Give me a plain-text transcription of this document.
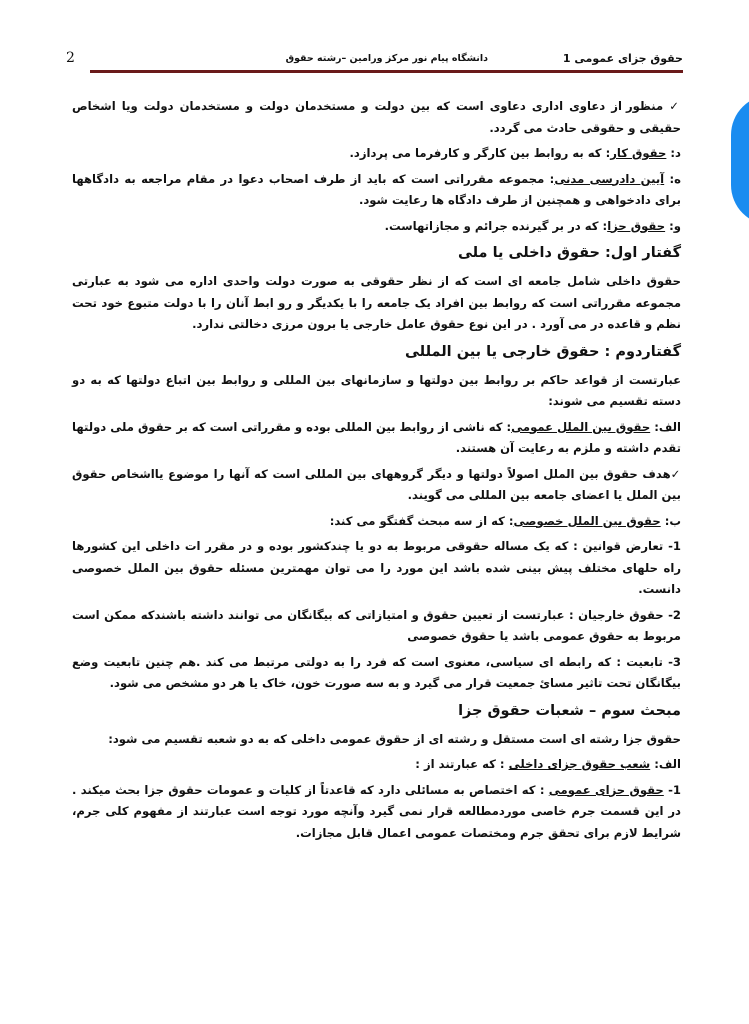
حقوق جزای عمومی 1
دانشگاه پیام نور مرکز ورامین –رشته حقوق
2

✓ منظور از دعاوی اداری دعاوی است که بین دولت و مستخدمان دولت و مستخدمان دولت ویا اشخاص حقیقی و حقوقی حادث می گردد.

د: حقوق کار: که به روابط بین کارگر و کارفرما می پردازد.

ه: آیین دادرسی مدنی: مجموعه مقرراتی است که باید از طرف اصحاب دعوا در مقام مراجعه به دادگاهها برای دادخواهی و همچنین از طرف دادگاه ها رعایت شود.

و: حقوق جزا: که در بر گیرنده جرائم و مجازاتهاست.

گفتار اول: حقوق داخلی یا ملی

حقوق داخلی شامل جامعه ای است که از نظر حقوقی به صورت دولت واحدی اداره می شود به عبارتی مجموعه مقرراتی است که روابط بین افراد یک جامعه را با یکدیگر و رو ابط آنان را با دولت متبوع خود تحت نظم و قاعده در می آورد . در این نوع حقوق عامل خارجی یا برون مرزی دخالتی ندارد.

گفتاردوم : حقوق خارجی یا بین المللی

عبارتست از قواعد حاکم بر روابط بین دولتها و سازمانهای بین المللی و روابط بین اتباع دولتها که به دو دسته تقسیم می شوند:

الف: حقوق بین الملل عمومی: که ناشی از روابط بین المللی بوده و مقرراتی است که بر حقوق ملی دولتها تقدم داشته و ملزم به رعایت آن هستند.

✓هدف حقوق بین الملل اصولاً دولتها و دیگر گروههای بین المللی است که آنها را موضوع یااشخاص حقوق بین الملل یا اعضای جامعه بین المللی می گویند.

ب: حقوق بین الملل خصوصی: که از سه مبحث گفتگو می کند:

1- تعارض قوانین : که یک مساله حقوقی مربوط به دو یا چندکشور بوده و در مقرر ات داخلی این کشورها راه حلهای مختلف پیش بینی شده باشد این مورد را می توان مهمترین مسئله حقوق بین الملل خصوصی دانست.

2- حقوق خارجیان : عبارتست از تعیین حقوق و امتیازاتی که بیگانگان می توانند داشته باشندکه ممکن است مربوط به حقوق عمومی باشد یا حقوق خصوصی

3- تابعیت : که رابطه ای سیاسی، معنوی است که فرد را به دولتی مرتبط می کند .هم چنین تابعیت وضع بیگانگان تحت تاثیر مسائ جمعیت قرار می گیرد و به سه صورت خون، خاک یا هر دو مشخص می شود.

مبحث سوم – شعبات حقوق جزا

حقوق جزا رشته ای است مستقل و رشته ای از حقوق عمومی داخلی که به دو شعبه تقسیم می شود:

الف: شعب حقوق جزای داخلی : که عبارتند از :

1- حقوق جزای عمومی : که اختصاص به مسائلی دارد که قاعدتاً از کلیات و عمومات حقوق جزا بحث میکند . در این قسمت جرم خاصی موردمطالعه قرار نمی گیرد وآنچه مورد توجه است عبارتند از مفهوم کلی جرم، شرایط لازم برای تحقق جرم ومختصات عمومی اعمال قابل مجازات.
